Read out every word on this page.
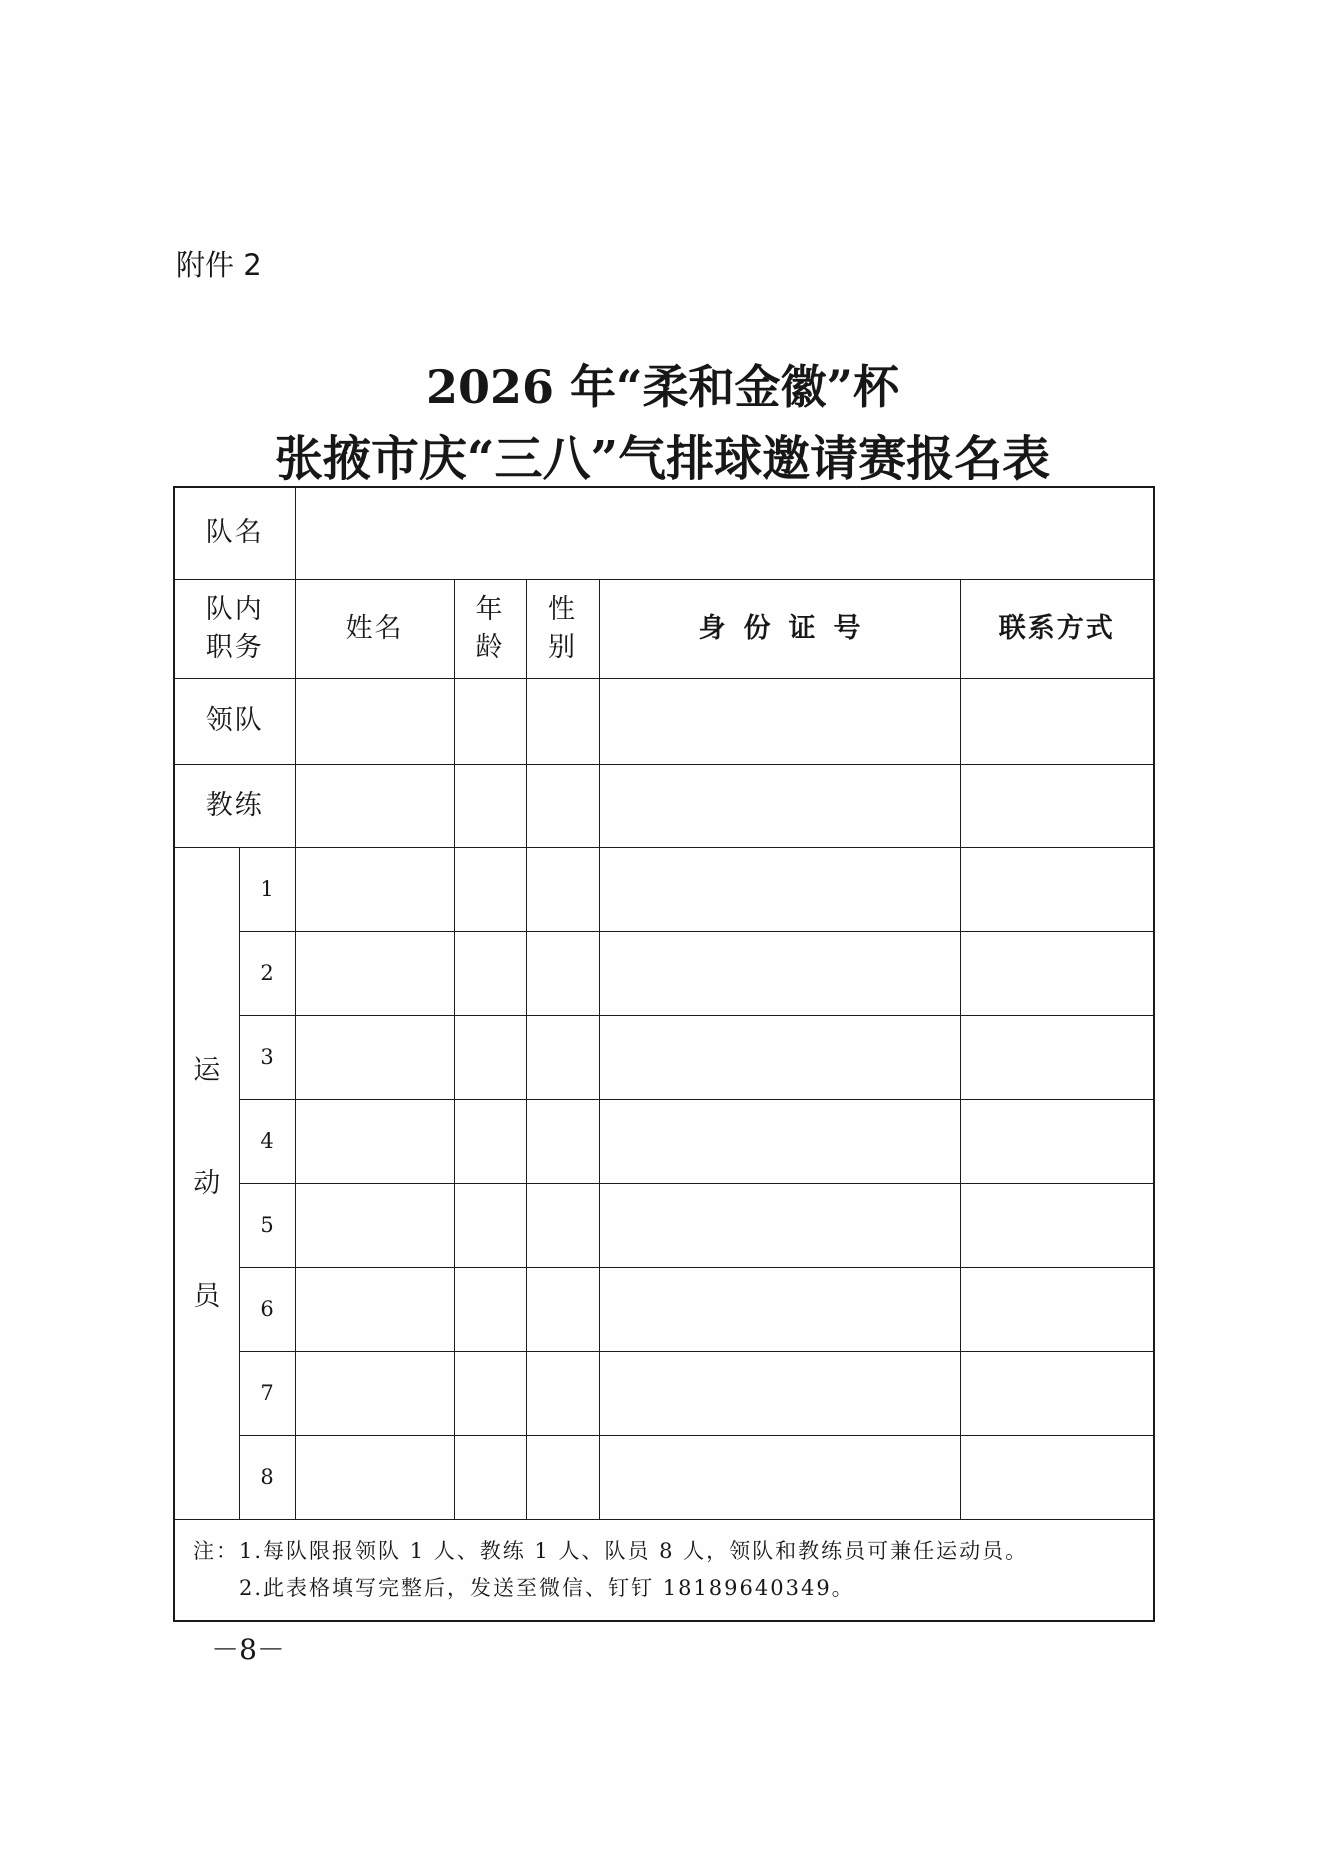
附件 2
2026 年“柔和金徽”杯
张掖市庆“三八”气排球邀请赛报名表
队名						
队内职务		姓名	年龄	性别	身份证号	联系方式
领队						
教练						
运动员	1					
	2					
	3					
	4					
	5					
	6					
	7					
	8					

注： 1.每队限报领队 1 人、教练 1 人、队员 8 人，领队和教练员可兼任运动员。
2.此表格填写完整后，发送至微信、钉钉 18189640349。						
－8－
